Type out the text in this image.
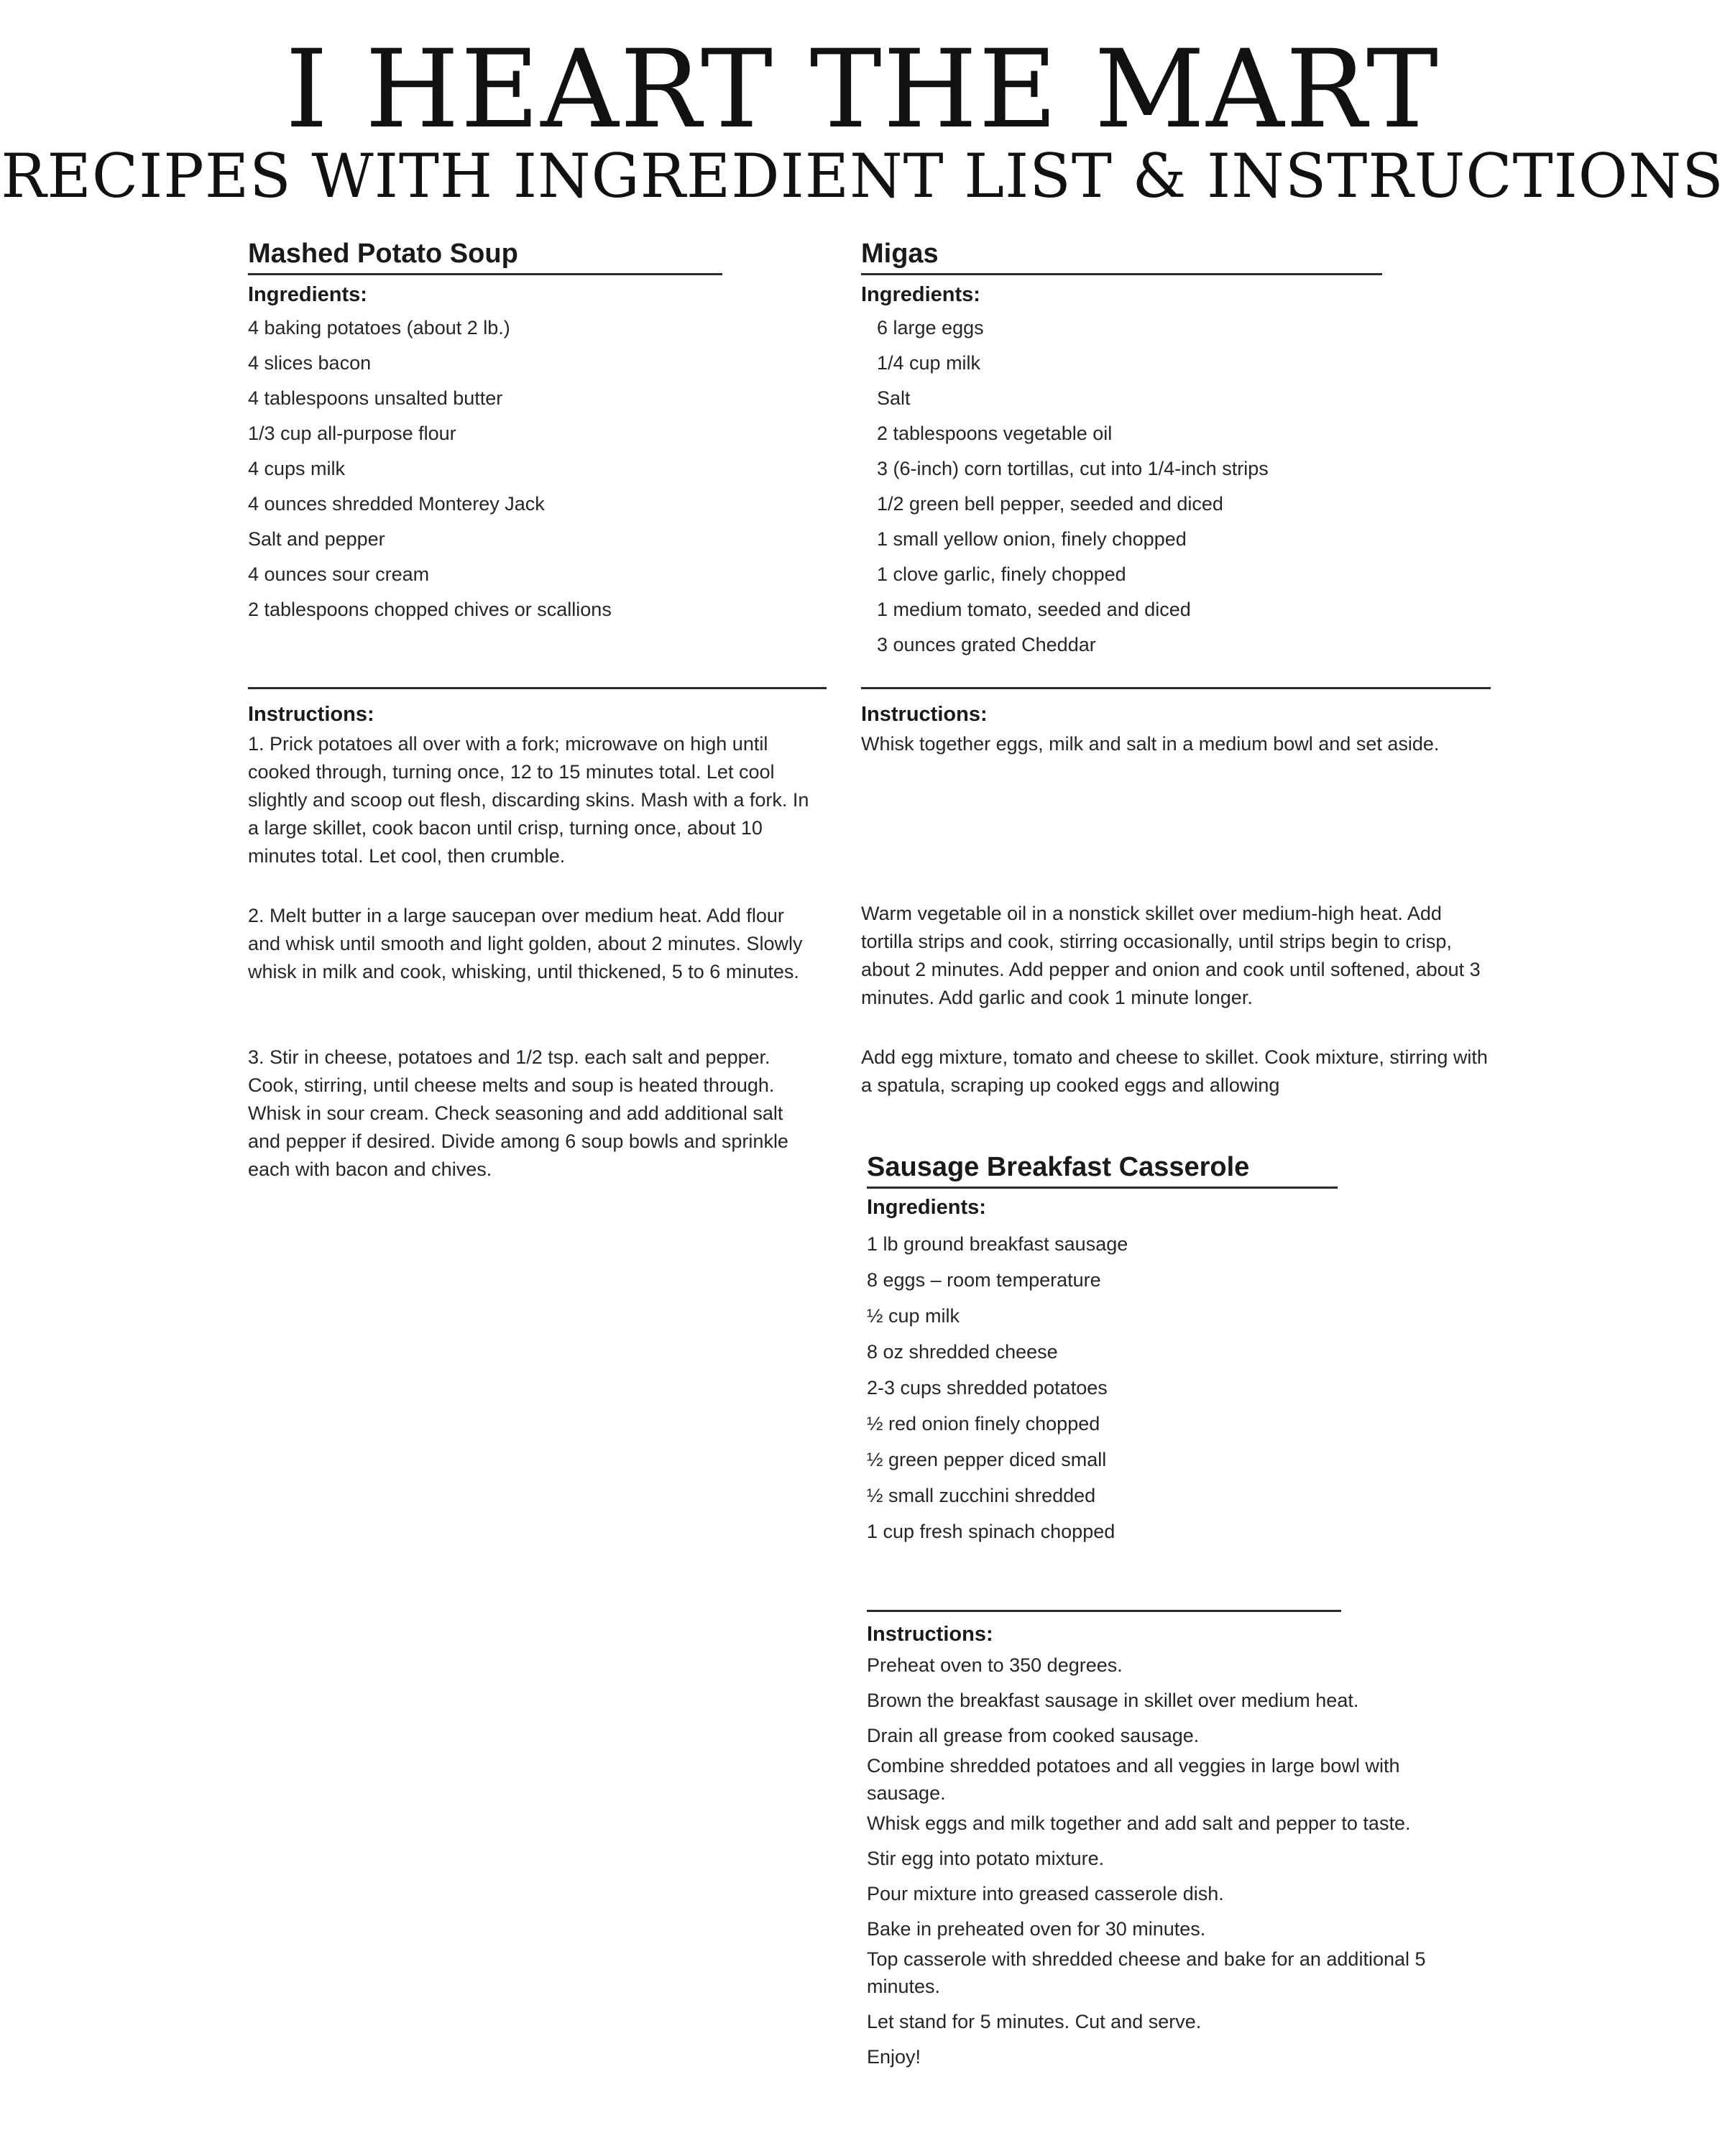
I HEART THE MART
RECIPES WITH INGREDIENT LIST & INSTRUCTIONS
Mashed Potato Soup
Ingredients:
4 baking potatoes (about 2 lb.)
4 slices bacon
4 tablespoons unsalted butter
1/3 cup all-purpose flour
4 cups milk
4 ounces shredded Monterey Jack
Salt and pepper
4 ounces sour cream
2 tablespoons chopped chives or scallions
Instructions:

1. Prick potatoes all over with a fork; microwave on high until cooked through, turning once, 12 to 15 minutes total. Let cool slightly and scoop out flesh, discarding skins. Mash with a fork. In a large skillet, cook bacon until crisp, turning once, about 10 minutes total. Let cool, then crumble.

2. Melt butter in a large saucepan over medium heat. Add flour and whisk until smooth and light golden, about 2 minutes. Slowly whisk in milk and cook, whisking, until thickened, 5 to 6 minutes.

3. Stir in cheese, potatoes and 1/2 tsp. each salt and pepper. Cook, stirring, until cheese melts and soup is heated through. Whisk in sour cream. Check seasoning and add additional salt and pepper if desired. Divide among 6 soup bowls and sprinkle each with bacon and chives.

Migas
Ingredients:
6 large eggs
1/4 cup milk
Salt
2 tablespoons vegetable oil
3 (6-inch) corn tortillas, cut into 1/4-inch strips
1/2 green bell pepper, seeded and diced
1 small yellow onion, finely chopped
1 clove garlic, finely chopped
1 medium tomato, seeded and diced
3 ounces grated Cheddar
Instructions:

Whisk together eggs, milk and salt in a medium bowl and set aside.

Warm vegetable oil in a nonstick skillet over medium-high heat. Add tortilla strips and cook, stirring occasionally, until strips begin to crisp, about 2 minutes. Add pepper and onion and cook until softened, about 3 minutes. Add garlic and cook 1 minute longer.

Add egg mixture, tomato and cheese to skillet. Cook mixture, stirring with a spatula, scraping up cooked eggs and allowing

Sausage Breakfast Casserole
Ingredients:
1 lb ground breakfast sausage
8 eggs – room temperature
½ cup milk
8 oz shredded cheese
2-3 cups shredded potatoes
½ red onion finely chopped
½ green pepper diced small
½ small zucchini shredded
1 cup fresh spinach chopped
Instructions:

Preheat oven to 350 degrees.

Brown the breakfast sausage in skillet over medium heat.

Drain all grease from cooked sausage.

Combine shredded potatoes and all veggies in large bowl with sausage.

Whisk eggs and milk together and add salt and pepper to taste.

Stir egg into potato mixture.

Pour mixture into greased casserole dish.

Bake in preheated oven for 30 minutes.

Top casserole with shredded cheese and bake for an additional 5 minutes.

Let stand for 5 minutes. Cut and serve.

Enjoy!
